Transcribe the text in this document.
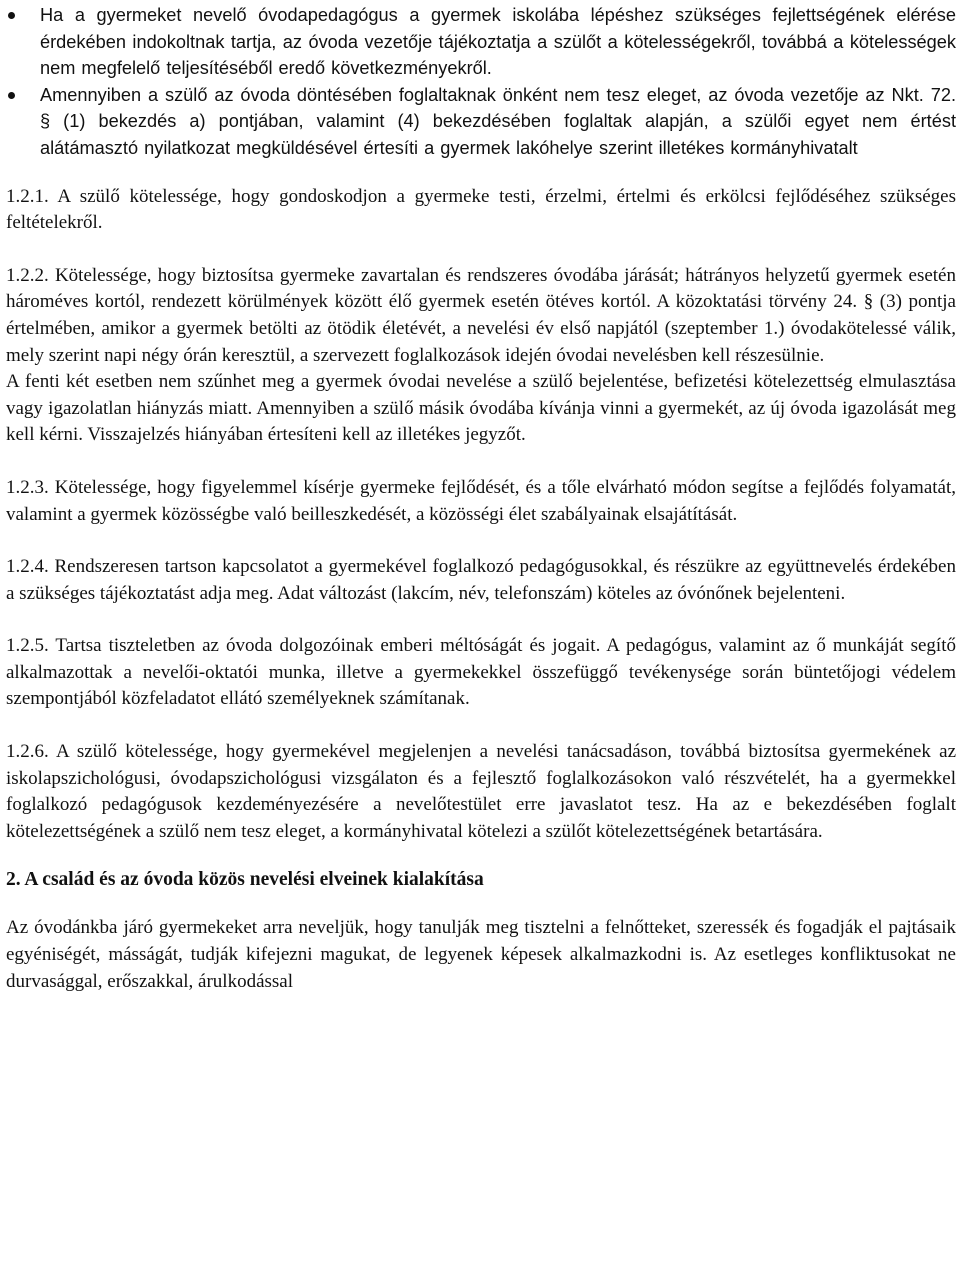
Ha a gyermeket nevelő óvodapedagógus a gyermek iskolába lépéshez szükséges fejlettségének elérése érdekében indokoltnak tartja, az óvoda vezetője tájékoztatja a szülőt a kötelességekről, továbbá a kötelességek nem megfelelő teljesítéséből eredő következményekről.
Amennyiben a szülő az óvoda döntésében foglaltaknak önként nem tesz eleget, az óvoda vezetője az Nkt. 72. § (1) bekezdés a) pontjában, valamint (4) bekezdésében foglaltak alapján, a szülői egyet nem értést alátámasztó nyilatkozat megküldésével értesíti a gyermek lakóhelye szerint illetékes kormányhivatalt

1.2.1. A szülő kötelessége, hogy gondoskodjon a gyermeke testi, érzelmi, értelmi és erkölcsi fejlődéséhez szükséges feltételekről.

1.2.2. Kötelessége, hogy biztosítsa gyermeke zavartalan és rendszeres óvodába járását; hátrányos helyzetű gyermek esetén hároméves kortól, rendezett körülmények között élő gyermek esetén ötéves kortól. A közoktatási törvény 24. § (3) pontja értelmében, amikor a gyermek betölti az ötödik életévét, a nevelési év első napjától (szeptember 1.) óvodakötelessé válik, mely szerint napi négy órán keresztül, a szervezett foglalkozások idején óvodai nevelésben kell részesülnie.

A fenti két esetben nem szűnhet meg a gyermek óvodai nevelése a szülő bejelentése, befizetési kötelezettség elmulasztása vagy igazolatlan hiányzás miatt. Amennyiben a szülő másik óvodába kívánja vinni a gyermekét, az új óvoda igazolását meg kell kérni. Visszajelzés hiányában értesíteni kell az illetékes jegyzőt.

1.2.3. Kötelessége, hogy figyelemmel kísérje gyermeke fejlődését, és a tőle elvárható módon segítse a fejlődés folyamatát, valamint a gyermek közösségbe való beilleszkedését, a közösségi élet szabályainak elsajátítását.

1.2.4. Rendszeresen tartson kapcsolatot a gyermekével foglalkozó pedagógusokkal, és részükre az együttnevelés érdekében a szükséges tájékoztatást adja meg. Adat változást (lakcím, név, telefonszám) köteles az óvónőnek bejelenteni.

1.2.5. Tartsa tiszteletben az óvoda dolgozóinak emberi méltóságát és jogait. A pedagógus, valamint az ő munkáját segítő alkalmazottak a nevelői-oktatói munka, illetve a gyermekekkel összefüggő tevékenysége során büntetőjogi védelem szempontjából közfeladatot ellátó személyeknek számítanak.

1.2.6. A szülő kötelessége, hogy gyermekével megjelenjen a nevelési tanácsadáson, továbbá biztosítsa gyermekének az iskolapszichológusi, óvodapszichológusi vizsgálaton és a fejlesztő foglalkozásokon való részvételét, ha a gyermekkel foglalkozó pedagógusok kezdeményezésére a nevelőtestület erre javaslatot tesz. Ha az e bekezdésében foglalt kötelezettségének a szülő nem tesz eleget, a kormányhivatal kötelezi a szülőt kötelezettségének betartására.

2. A család és az óvoda közös nevelési elveinek kialakítása

Az óvodánkba járó gyermekeket arra neveljük, hogy tanulják meg tisztelni a felnőtteket, szeressék és fogadják el pajtásaik egyéniségét, másságát, tudják kifejezni magukat, de legyenek képesek alkalmazkodni is. Az esetleges konfliktusokat ne durvasággal, erőszakkal, árulkodással
